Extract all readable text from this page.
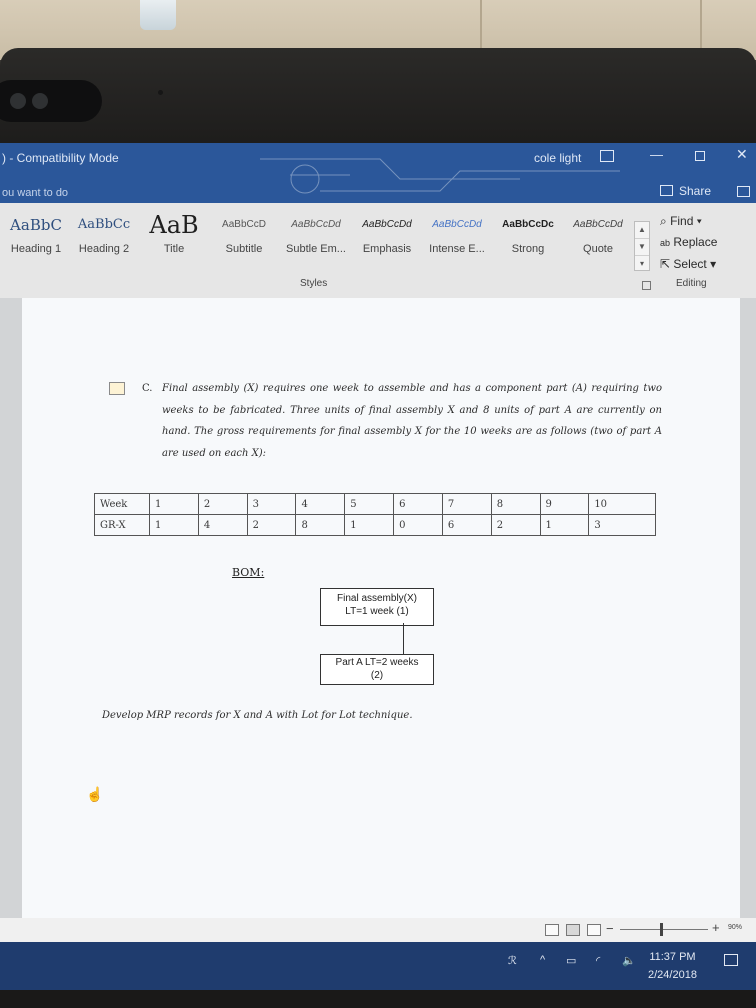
) - Compatibility Mode	cole light	—	✕
ou want to do	Share
AaBbC
Heading 1
AaBbCc
Heading 2
AaB
Title
AaBbCcD
Subtitle
AaBbCcDd
Subtle Em...
AaBbCcDd
Emphasis
AaBbCcDd
Intense E...
AaBbCcDc
Strong
AaBbCcDd
Quote
▲
▼
▾
Styles
⌕ Find ▾
ab Replace
⇱ Select ▾
Editing
C. Final assembly (X) requires one week to assemble and has a component part (A) requiring two weeks to be fabricated. Three units of final assembly X and 8 units of part A are currently on hand. The gross requirements for final assembly X for the 10 weeks are as follows (two of part A are used on each X):
Week	1	2	3	4	5	6	7	8	9	10
GR-X	1	4	2	8	1	0	6	2	1	3
BOM:
Final assembly(X)
LT=1 week (1)
Part A LT=2 weeks
(2)
Develop MRP records for X and A with Lot for Lot technique.
☝
−	+ 90%
ℛ ^ ▭ ◜ 🔈 11:37 PM
2/24/2018
